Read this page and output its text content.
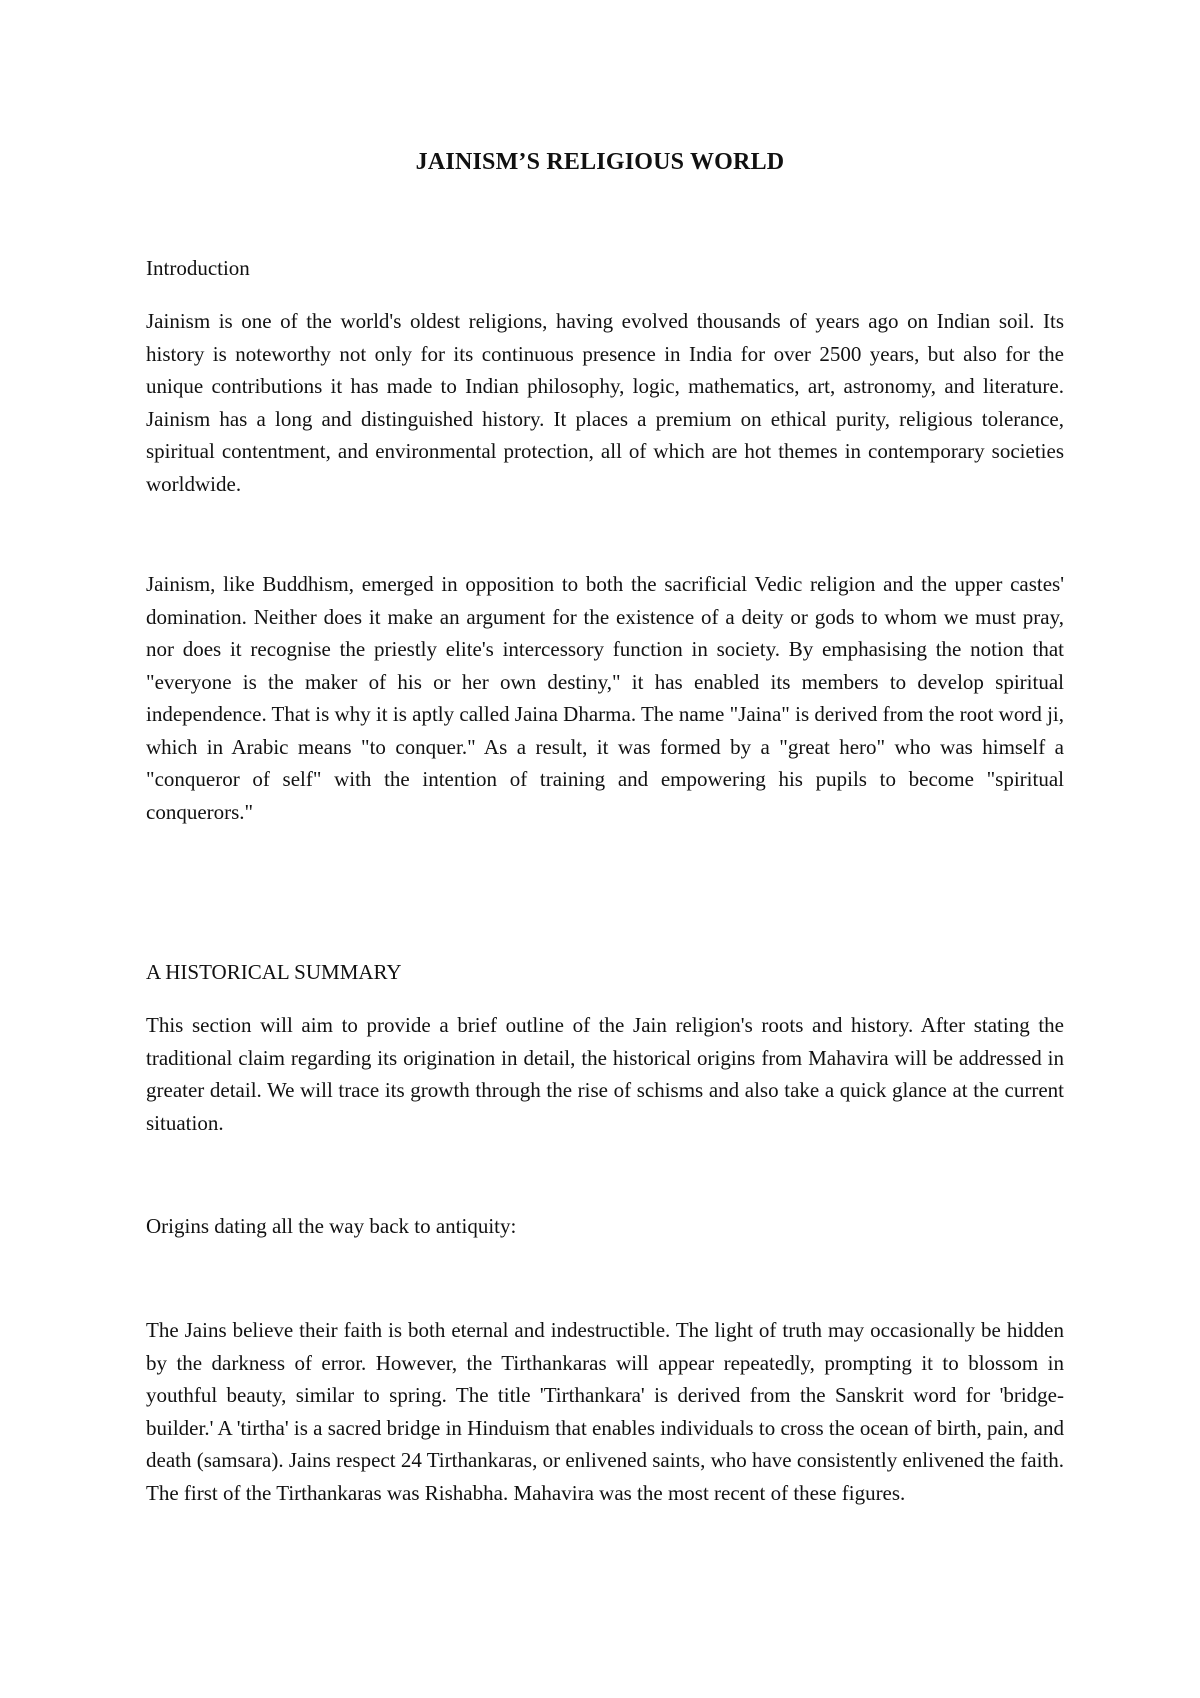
JAINISM’S RELIGIOUS WORLD
Introduction
Jainism is one of the world's oldest religions, having evolved thousands of years ago on Indian soil. Its history is noteworthy not only for its continuous presence in India for over 2500 years, but also for the unique contributions it has made to Indian philosophy, logic, mathematics, art, astronomy, and literature. Jainism has a long and distinguished history. It places a premium on ethical purity, religious tolerance, spiritual contentment, and environmental protection, all of which are hot themes in contemporary societies worldwide.
Jainism, like Buddhism, emerged in opposition to both the sacrificial Vedic religion and the upper castes' domination. Neither does it make an argument for the existence of a deity or gods to whom we must pray, nor does it recognise the priestly elite's intercessory function in society. By emphasising the notion that "everyone is the maker of his or her own destiny," it has enabled its members to develop spiritual independence. That is why it is aptly called Jaina Dharma. The name "Jaina" is derived from the root word ji, which in Arabic means "to conquer." As a result, it was formed by a "great hero" who was himself a "conqueror of self" with the intention of training and empowering his pupils to become "spiritual conquerors."
A HISTORICAL SUMMARY
This section will aim to provide a brief outline of the Jain religion's roots and history. After stating the traditional claim regarding its origination in detail, the historical origins from Mahavira will be addressed in greater detail. We will trace its growth through the rise of schisms and also take a quick glance at the current situation.
Origins dating all the way back to antiquity:
The Jains believe their faith is both eternal and indestructible. The light of truth may occasionally be hidden by the darkness of error. However, the Tirthankaras will appear repeatedly, prompting it to blossom in youthful beauty, similar to spring. The title 'Tirthankara' is derived from the Sanskrit word for 'bridge-builder.' A 'tirtha' is a sacred bridge in Hinduism that enables individuals to cross the ocean of birth, pain, and death (samsara). Jains respect 24 Tirthankaras, or enlivened saints, who have consistently enlivened the faith. The first of the Tirthankaras was Rishabha. Mahavira was the most recent of these figures.
